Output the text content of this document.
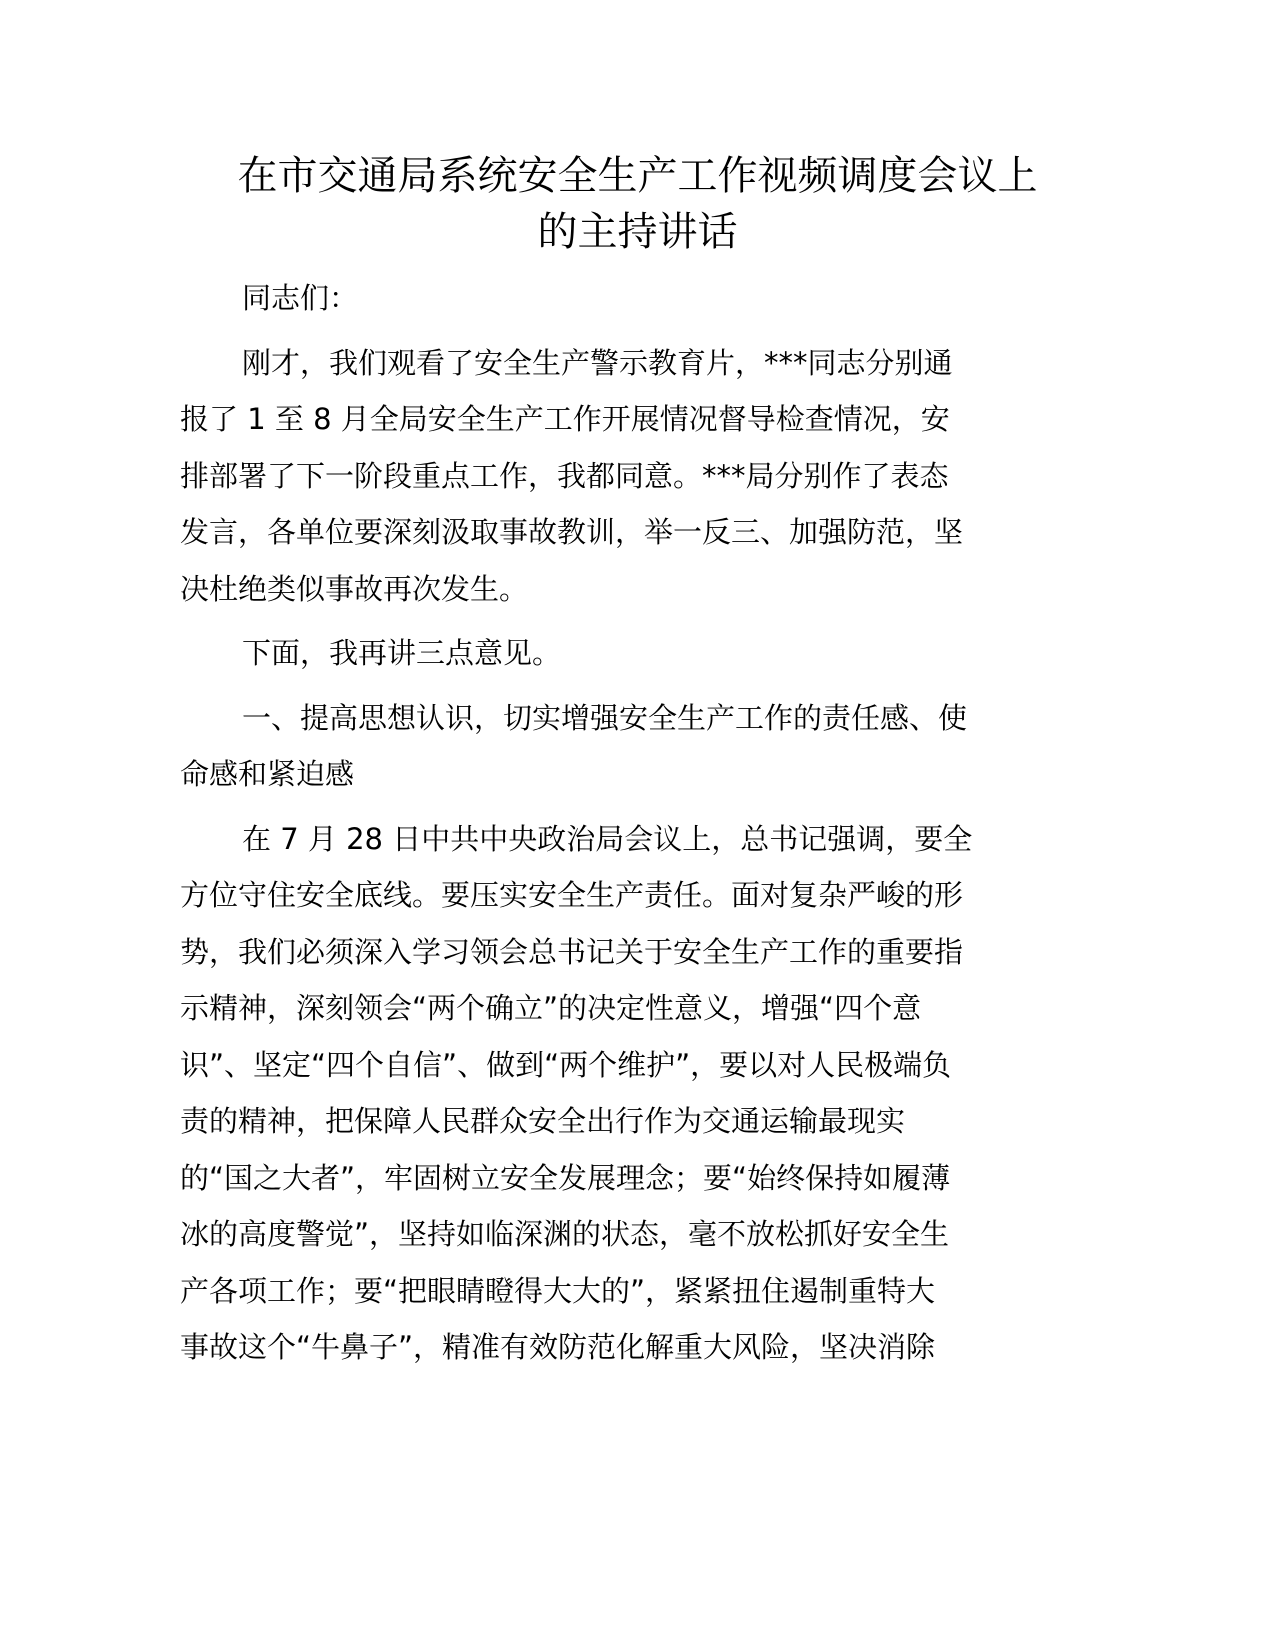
在市交通局系统安全生产工作视频调度会议上
的主持讲话
同志们：
刚才，我们观看了安全生产警示教育片，***同志分别通
报了 1 至 8 月全局安全生产工作开展情况督导检查情况，安
排部署了下一阶段重点工作，我都同意。***局分别作了表态
发言，各单位要深刻汲取事故教训，举一反三、加强防范，坚
决杜绝类似事故再次发生。
下面，我再讲三点意见。
一、提高思想认识，切实增强安全生产工作的责任感、使
命感和紧迫感
在 7 月 28 日中共中央政治局会议上，总书记强调，要全
方位守住安全底线。要压实安全生产责任。面对复杂严峻的形
势，我们必须深入学习领会总书记关于安全生产工作的重要指
示精神，深刻领会“两个确立”的决定性意义，增强“四个意
识”、坚定“四个自信”、做到“两个维护”，要以对人民极端负
责的精神，把保障人民群众安全出行作为交通运输最现实
的“国之大者”，牢固树立安全发展理念；要“始终保持如履薄
冰的高度警觉”，坚持如临深渊的状态，毫不放松抓好安全生
产各项工作；要“把眼睛瞪得大大的”，紧紧扭住遏制重特大
事故这个“牛鼻子”，精准有效防范化解重大风险，坚决消除
